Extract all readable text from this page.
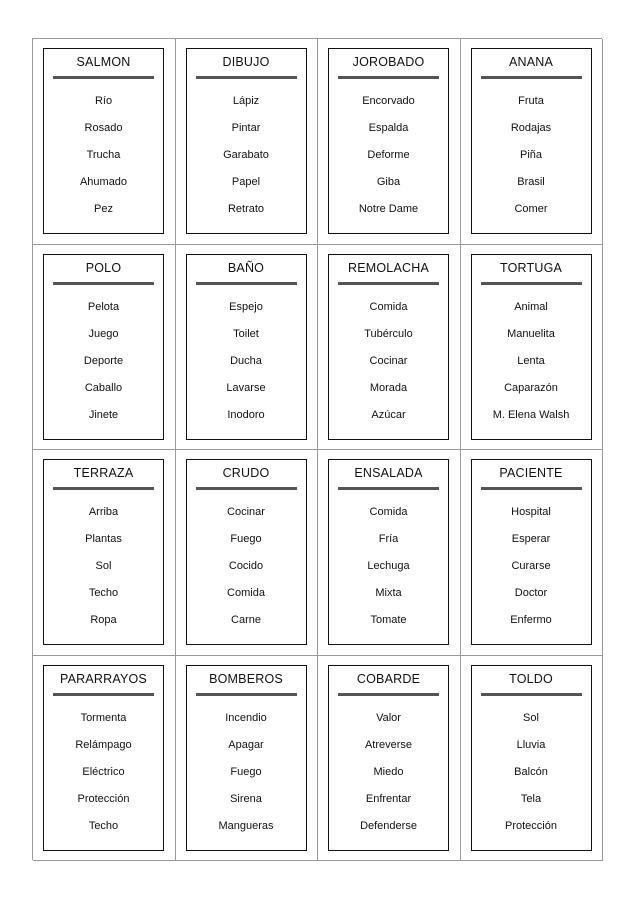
SALMON
Río
Rosado
Trucha
Ahumado
Pez
DIBUJO
Lápiz
Pintar
Garabato
Papel
Retrato
JOROBADO
Encorvado
Espalda
Deforme
Giba
Notre Dame
ANANA
Fruta
Rodajas
Piña
Brasil
Comer
POLO
Pelota
Juego
Deporte
Caballo
Jinete
BAÑO
Espejo
Toilet
Ducha
Lavarse
Inodoro
REMOLACHA
Comida
Tubérculo
Cocinar
Morada
Azúcar
TORTUGA
Animal
Manuelita
Lenta
Caparazón
M. Elena Walsh
TERRAZA
Arriba
Plantas
Sol
Techo
Ropa
CRUDO
Cocinar
Fuego
Cocido
Comida
Carne
ENSALADA
Comida
Fría
Lechuga
Mixta
Tomate
PACIENTE
Hospital
Esperar
Curarse
Doctor
Enfermo
PARARRAYOS
Tormenta
Relámpago
Eléctrico
Protección
Techo
BOMBEROS
Incendio
Apagar
Fuego
Sirena
Mangueras
COBARDE
Valor
Atreverse
Miedo
Enfrentar
Defenderse
TOLDO
Sol
Lluvia
Balcón
Tela
Protección
